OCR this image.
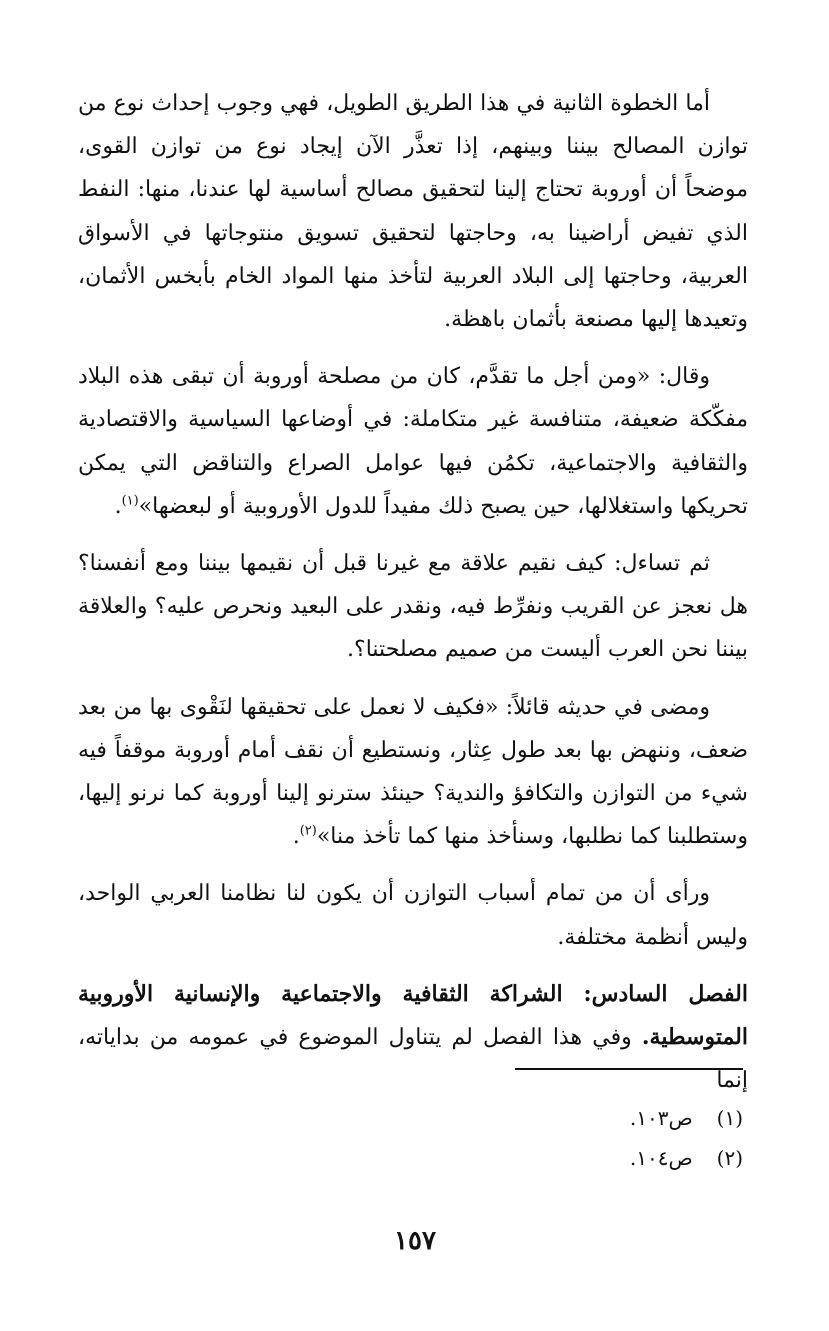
أما الخطوة الثانية في هذا الطريق الطويل، فهي وجوب إحداث نوع من توازن المصالح بيننا وبينهم، إذا تعذَّر الآن إيجاد نوع من توازن القوى، موضحاً أن أوروبة تحتاج إلينا لتحقيق مصالح أساسية لها عندنا، منها: النفط الذي تفيض أراضينا به، وحاجتها لتحقيق تسويق منتوجاتها في الأسواق العربية، وحاجتها إلى البلاد العربية لتأخذ منها المواد الخام بأبخس الأثمان، وتعيدها إليها مصنعة بأثمان باهظة.

وقال: «ومن أجل ما تقدَّم، كان من مصلحة أوروبة أن تبقى هذه البلاد مفكّكة ضعيفة، متنافسة غير متكاملة: في أوضاعها السياسية والاقتصادية والثقافية والاجتماعية، تكمُن فيها عوامل الصراع والتناقض التي يمكن تحريكها واستغلالها، حين يصبح ذلك مفيداً للدول الأوروبية أو لبعضها»$^{(١)}$.

ثم تساءل: كيف نقيم علاقة مع غيرنا قبل أن نقيمها بيننا ومع أنفسنا؟ هل نعجز عن القريب ونفرِّط فيه، ونقدر على البعيد ونحرص عليه؟ والعلاقة بيننا نحن العرب أليست من صميم مصلحتنا؟.

ومضى في حديثه قائلاً: «فكيف لا نعمل على تحقيقها لنَقْوى بها من بعد ضعف، وننهض بها بعد طول عِثار، ونستطيع أن نقف أمام أوروبة موقفاً فيه شيء من التوازن والتكافؤ والندية؟ حينئذ سترنو إلينا أوروبة كما نرنو إليها، وستطلبنا كما نطلبها، وسنأخذ منها كما تأخذ منا»$^{(٢)}$.

ورأى أن من تمام أسباب التوازن أن يكون لنا نظامنا العربي الواحد، وليس أنظمة مختلفة.

الفصل السادس: الشراكة الثقافية والاجتماعية والإنسانية الأوروبية المتوسطية. وفي هذا الفصل لم يتناول الموضوع في عمومه من بداياته، إنما

(١) ص١٠٣.
(٢) ص١٠٤.
١٥٧
